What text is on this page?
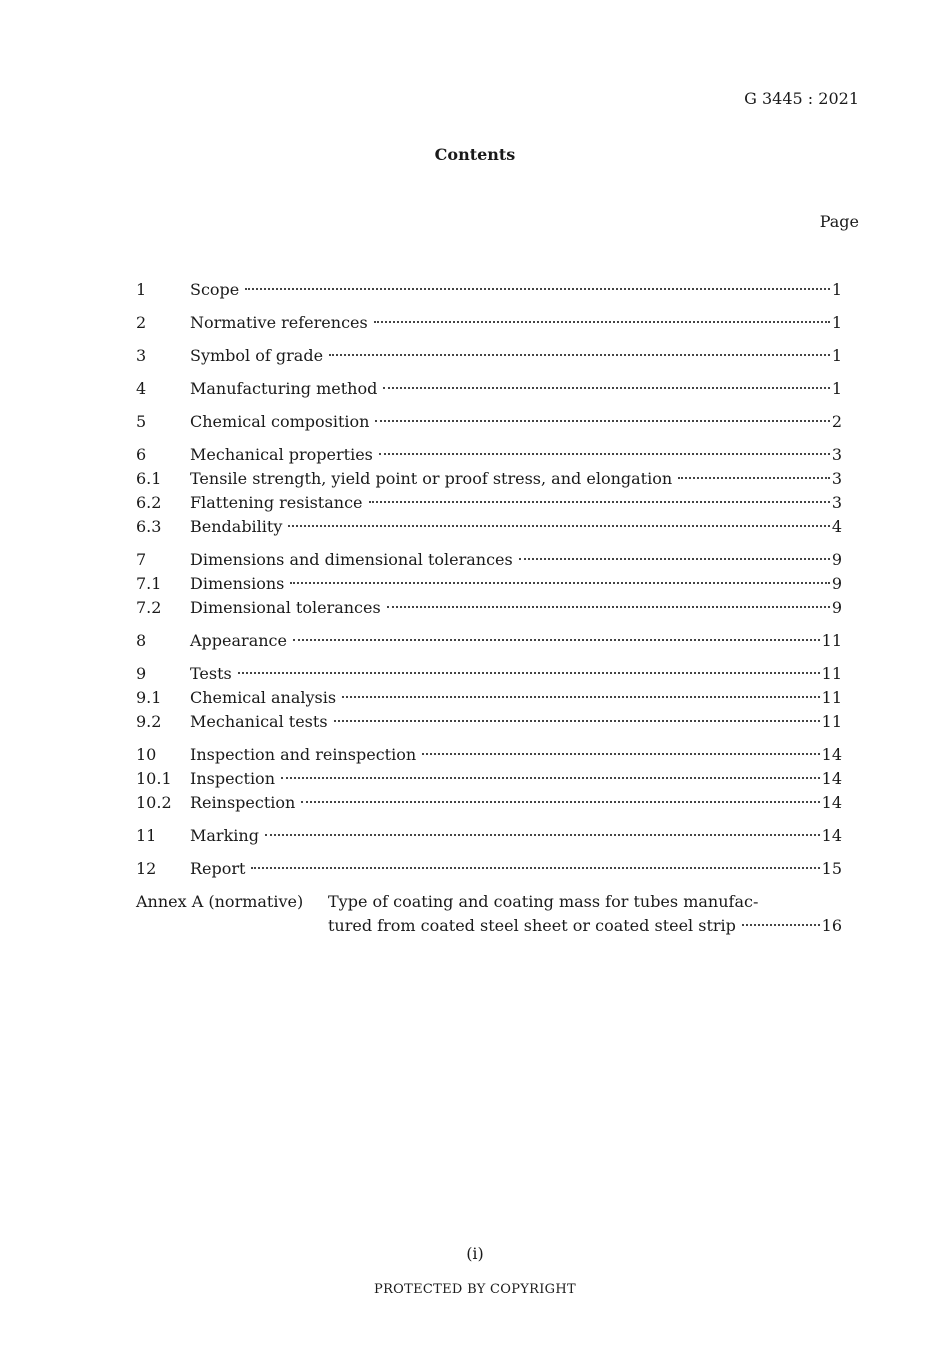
G 3445 : 2021
Contents
Page
1	Scope	1
2	Normative references	1
3	Symbol of grade	1
4	Manufacturing method	1
5	Chemical composition	2
6	Mechanical properties	3
6.1	Tensile strength, yield point or proof stress, and elongation	3
6.2	Flattening resistance	3
6.3	Bendability	4
7	Dimensions and dimensional tolerances	9
7.1	Dimensions	9
7.2	Dimensional tolerances	9
8	Appearance	11
9	Tests	11
9.1	Chemical analysis	11
9.2	Mechanical tests	11
10	Inspection and reinspection	14
10.1	Inspection	14
10.2	Reinspection	14
11	Marking	14
12	Report	15
Annex A (normative)	Type of coating and coating mass for tubes manufac-
tured from coated steel sheet or coated steel strip	16
(i)
PROTECTED BY COPYRIGHT
